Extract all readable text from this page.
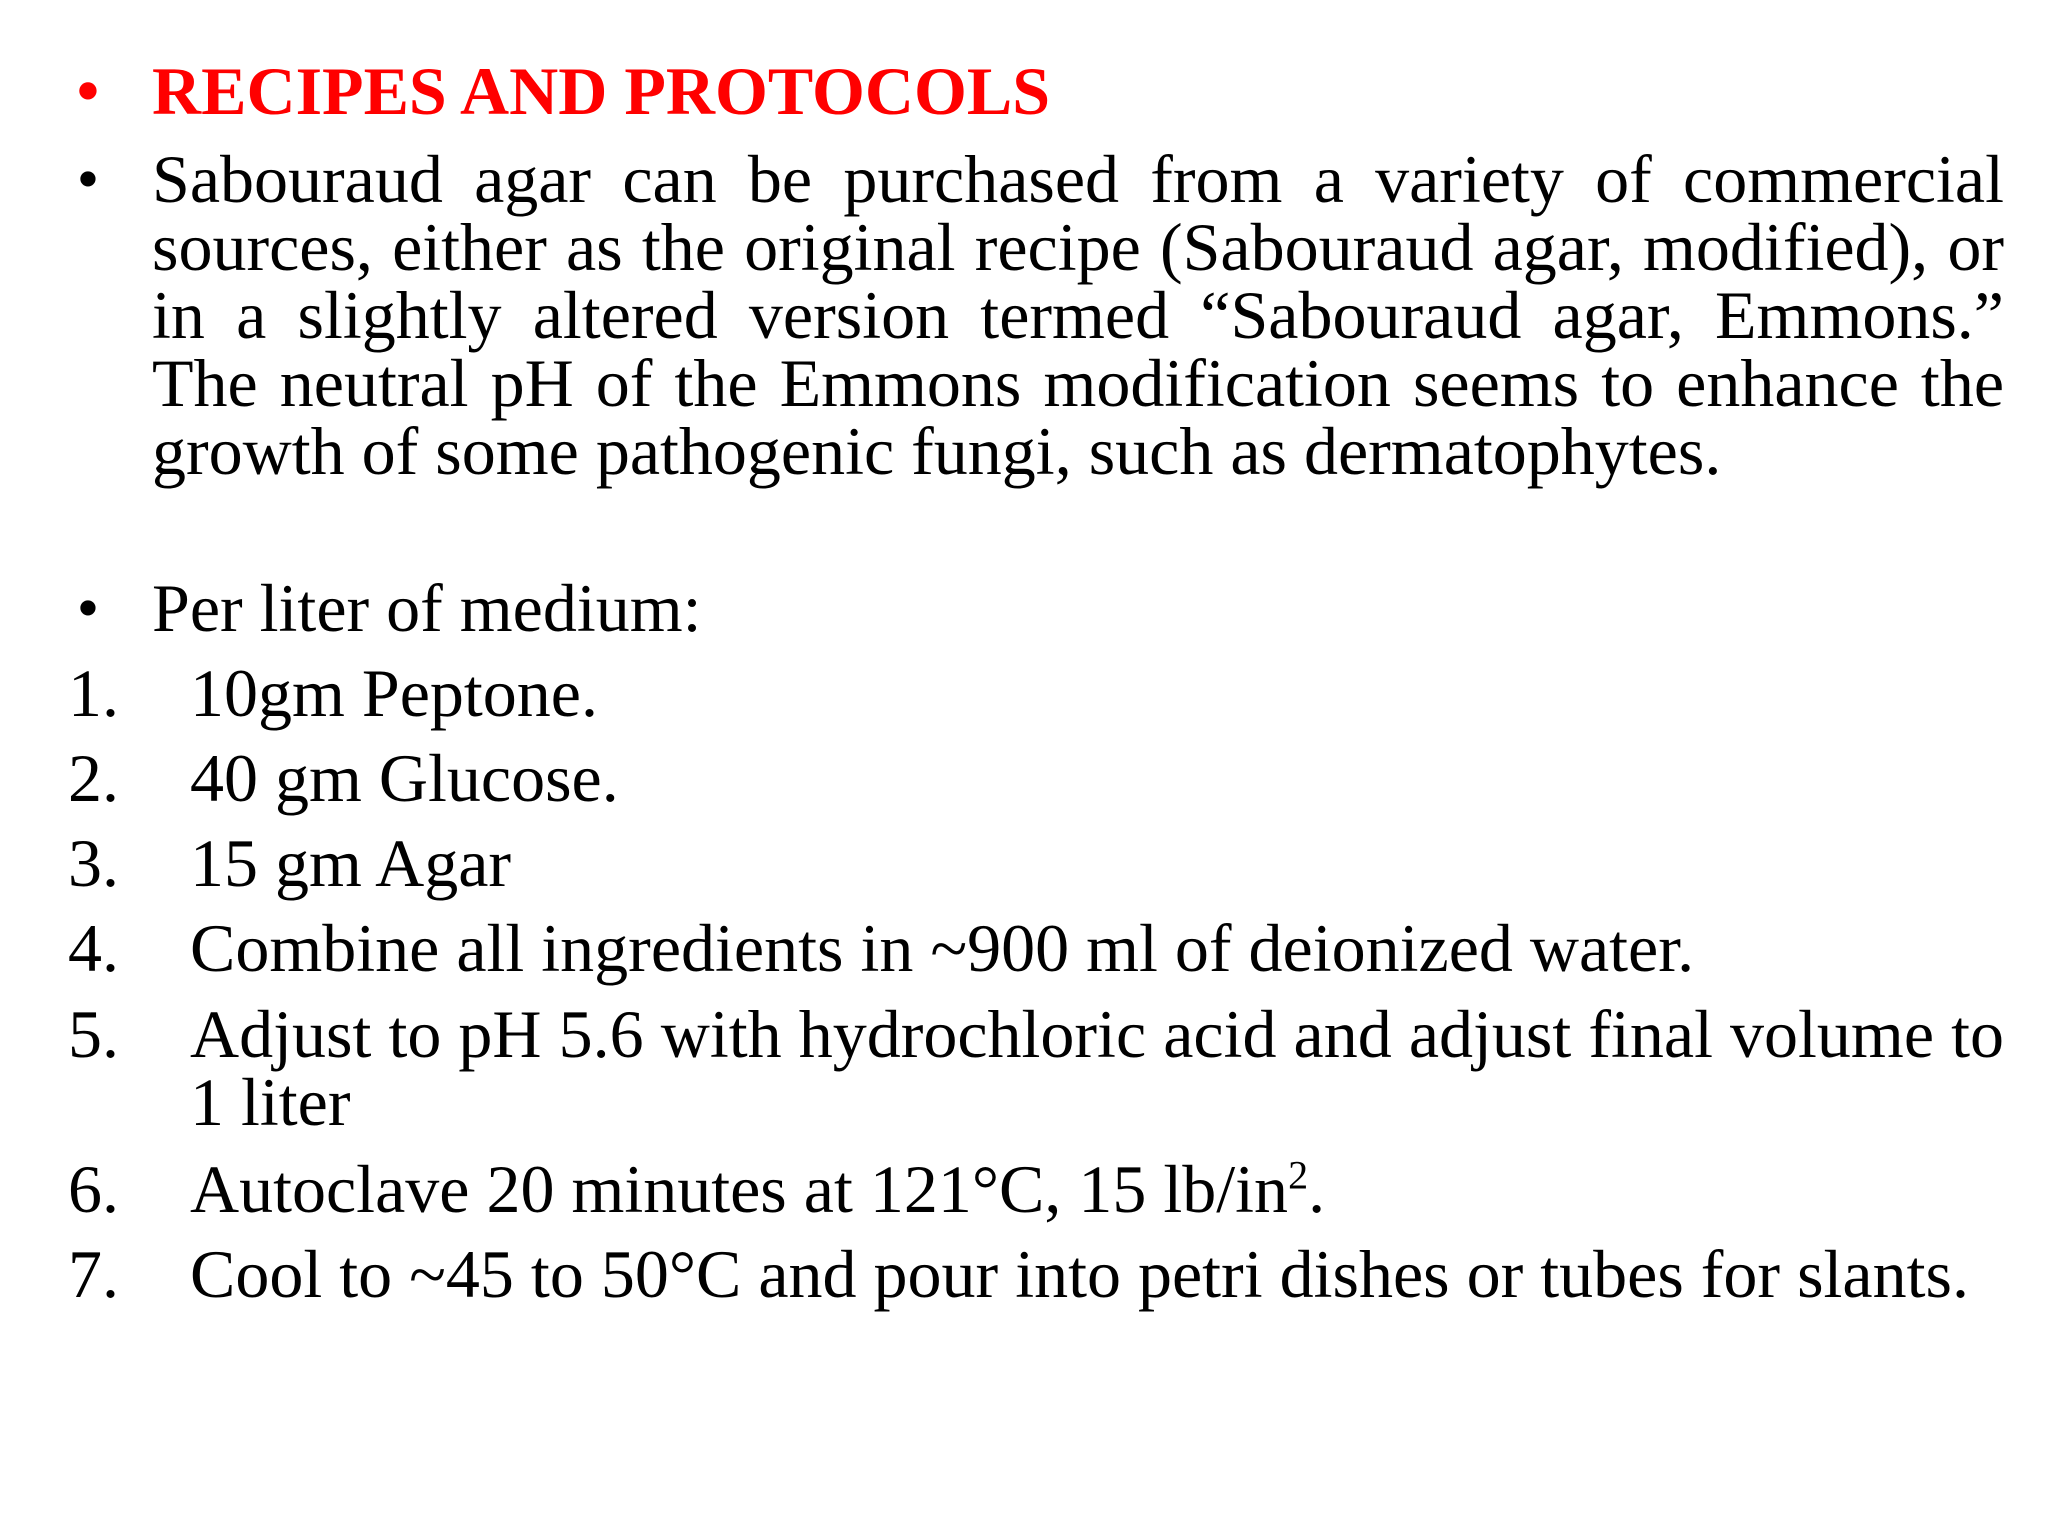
• RECIPES AND PROTOCOLS
• Sabouraud agar can be purchased from a variety of commercial sources, either as the original recipe (Sabouraud agar, modified), or in a slightly altered version termed “Sabouraud agar, Emmons.” The neutral pH of the Emmons modification seems to enhance the growth of some pathogenic fungi, such as dermatophytes.
• Per liter of medium:
1. 10gm Peptone.
2. 40 gm Glucose.
3. 15 gm Agar
4. Combine all ingredients in ~900 ml of deionized water.
5. Adjust to pH 5.6 with hydrochloric acid and adjust final volume to 1 liter
6. Autoclave 20 minutes at 121°C, 15 $lb/in^2$.
7. Cool to ~45 to 50°C and pour into petri dishes or tubes for slants.
